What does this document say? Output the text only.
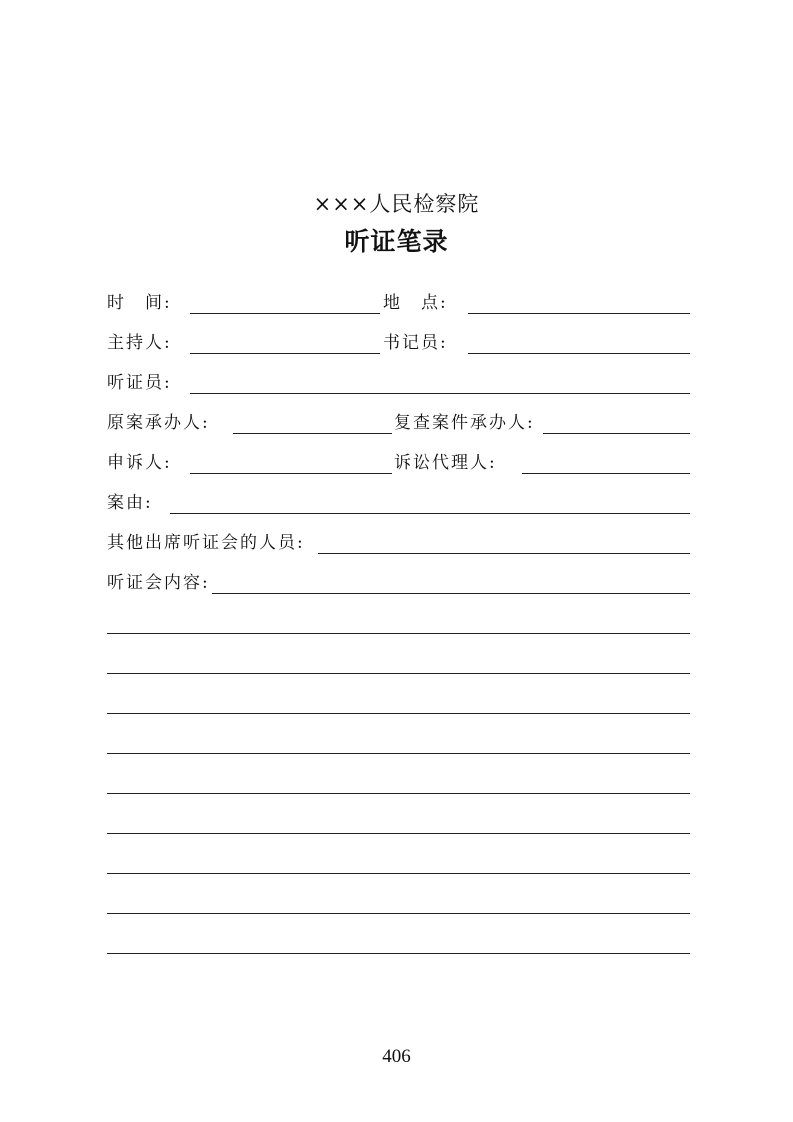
×××人民检察院
听证笔录
时　间:	地　点:
主持人:	书记员:
听证员:
原案承办人:	复查案件承办人:
申诉人:	诉讼代理人:
案由:
其他出席听证会的人员:
听证会内容:
406
